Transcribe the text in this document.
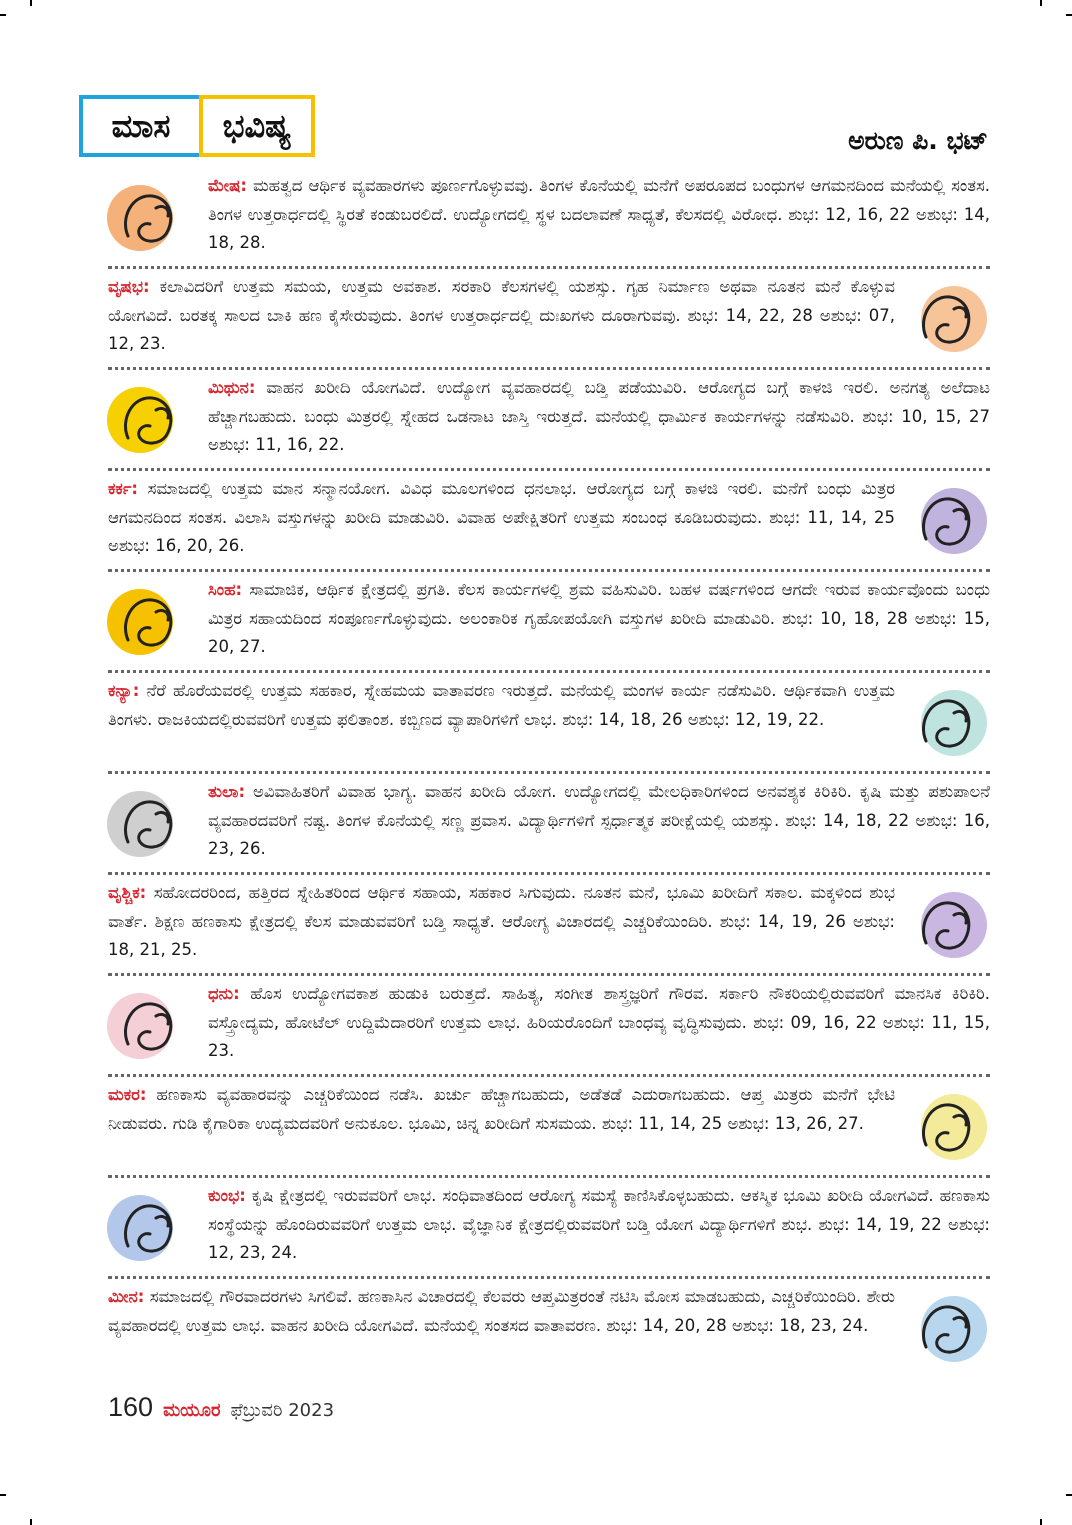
ಮಾಸ	ಭವಿಷ್ಯ	ಅರುಣ ಪಿ. ಭಟ್
ಮೇಷ: ಮಹತ್ವದ ಆರ್ಥಿಕ ವ್ಯವಹಾರಗಳು ಪೂರ್ಣಗೊಳ್ಳುವವು. ತಿಂಗಳ ಕೊನೆಯಲ್ಲಿ ಮನೆಗೆ ಅಪರೂಪದ ಬಂಧುಗಳ ಆಗಮನದಿಂದ ಮನೆಯಲ್ಲಿ ಸಂತಸ. ತಿಂಗಳ ಉತ್ತರಾರ್ಧದಲ್ಲಿ ಸ್ಥಿರತೆ ಕಂಡುಬರಲಿದೆ. ಉದ್ಯೋಗದಲ್ಲಿ ಸ್ಥಳ ಬದಲಾವಣೆ ಸಾಧ್ಯತೆ, ಕೆಲಸದಲ್ಲಿ ವಿರೋಧ. ಶುಭ: 12, 16, 22 ಅಶುಭ: 14, 18, 28.
ವೃಷಭ: ಕಲಾವಿದರಿಗೆ ಉತ್ತಮ ಸಮಯ, ಉತ್ತಮ ಅವಕಾಶ. ಸರಕಾರಿ ಕೆಲಸಗಳಲ್ಲಿ ಯಶಸ್ಸು. ಗೃಹ ನಿರ್ಮಾಣ ಅಥವಾ ನೂತನ ಮನೆ ಕೊಳ್ಳುವ ಯೋಗವಿದೆ. ಬರತಕ್ಕ ಸಾಲದ ಬಾಕಿ ಹಣ ಕೈಸೇರುವುದು. ತಿಂಗಳ ಉತ್ತರಾರ್ಧದಲ್ಲಿ ದುಃಖಗಳು ದೂರಾಗುವವು. ಶುಭ: 14, 22, 28 ಅಶುಭ: 07, 12, 23.
ಮಿಥುನ: ವಾಹನ ಖರೀದಿ ಯೋಗವಿದೆ. ಉದ್ಯೋಗ ವ್ಯವಹಾರದಲ್ಲಿ ಬಡ್ತಿ ಪಡೆಯುವಿರಿ. ಆರೋಗ್ಯದ ಬಗ್ಗೆ ಕಾಳಜಿ ಇರಲಿ. ಅನಗತ್ಯ ಅಲೆದಾಟ ಹೆಚ್ಚಾಗಬಹುದು. ಬಂಧು ಮಿತ್ರರಲ್ಲಿ ಸ್ನೇಹದ ಒಡನಾಟ ಜಾಸ್ತಿ ಇರುತ್ತದೆ. ಮನೆಯಲ್ಲಿ ಧಾರ್ಮಿಕ ಕಾರ್ಯಗಳನ್ನು ನಡೆಸುವಿರಿ. ಶುಭ: 10, 15, 27 ಅಶುಭ: 11, 16, 22.
ಕರ್ಕ: ಸಮಾಜದಲ್ಲಿ ಉತ್ತಮ ಮಾನ ಸನ್ಮಾನಯೋಗ. ವಿವಿಧ ಮೂಲಗಳಿಂದ ಧನಲಾಭ. ಆರೋಗ್ಯದ ಬಗ್ಗೆ ಕಾಳಜಿ ಇರಲಿ. ಮನೆಗೆ ಬಂಧು ಮಿತ್ರರ ಆಗಮನದಿಂದ ಸಂತಸ. ವಿಲಾಸಿ ವಸ್ತುಗಳನ್ನು ಖರೀದಿ ಮಾಡುವಿರಿ. ವಿವಾಹ ಅಪೇಕ್ಷಿತರಿಗೆ ಉತ್ತಮ ಸಂಬಂಧ ಕೂಡಿಬರುವುದು. ಶುಭ: 11, 14, 25 ಅಶುಭ: 16, 20, 26.
ಸಿಂಹ: ಸಾಮಾಜಿಕ, ಆರ್ಥಿಕ ಕ್ಷೇತ್ರದಲ್ಲಿ ಪ್ರಗತಿ. ಕೆಲಸ ಕಾರ್ಯಗಳಲ್ಲಿ ಶ್ರಮ ವಹಿಸುವಿರಿ. ಬಹಳ ವರ್ಷಗಳಿಂದ ಆಗದೇ ಇರುವ ಕಾರ್ಯವೊಂದು ಬಂಧು ಮಿತ್ರರ ಸಹಾಯದಿಂದ ಸಂಪೂರ್ಣಗೊಳ್ಳುವುದು. ಅಲಂಕಾರಿಕ ಗೃಹೋಪಯೋಗಿ ವಸ್ತುಗಳ ಖರೀದಿ ಮಾಡುವಿರಿ. ಶುಭ: 10, 18, 28 ಅಶುಭ: 15, 20, 27.
ಕನ್ಯಾ: ನೆರೆ ಹೊರೆಯವರಲ್ಲಿ ಉತ್ತಮ ಸಹಕಾರ, ಸ್ನೇಹಮಯ ವಾತಾವರಣ ಇರುತ್ತದೆ. ಮನೆಯಲ್ಲಿ ಮಂಗಳ ಕಾರ್ಯ ನಡೆಸುವಿರಿ. ಆರ್ಥಿಕವಾಗಿ ಉತ್ತಮ ತಿಂಗಳು. ರಾಜಕಿಯದಲ್ಲಿರುವವರಿಗೆ ಉತ್ತಮ ಫಲಿತಾಂಶ. ಕಬ್ಬಿಣದ ವ್ಯಾಪಾರಿಗಳಿಗೆ ಲಾಭ. ಶುಭ: 14, 18, 26 ಅಶುಭ: 12, 19, 22.
ತುಲಾ: ಅವಿವಾಹಿತರಿಗೆ ವಿವಾಹ ಭಾಗ್ಯ. ವಾಹನ ಖರೀದಿ ಯೋಗ. ಉದ್ಯೋಗದಲ್ಲಿ ಮೇಲಧಿಕಾರಿಗಳಿಂದ ಅನವಶ್ಯಕ ಕಿರಿಕಿರಿ. ಕೃಷಿ ಮತ್ತು ಪಶುಪಾಲನೆ ವ್ಯವಹಾರದವರಿಗೆ ನಷ್ಟ. ತಿಂಗಳ ಕೊನೆಯಲ್ಲಿ ಸಣ್ಣ ಪ್ರವಾಸ. ವಿದ್ಯಾರ್ಥಿಗಳಿಗೆ ಸ್ಪರ್ಧಾತ್ಮಕ ಪರೀಕ್ಷೆಯಲ್ಲಿ ಯಶಸ್ಸು. ಶುಭ: 14, 18, 22 ಅಶುಭ: 16, 23, 26.
ವೃಶ್ಚಿಕ: ಸಹೋದರರಿಂದ, ಹತ್ತಿರದ ಸ್ನೇಹಿತರಿಂದ ಆರ್ಥಿಕ ಸಹಾಯ, ಸಹಕಾರ ಸಿಗುವುದು. ನೂತನ ಮನೆ, ಭೂಮಿ ಖರೀದಿಗೆ ಸಕಾಲ. ಮಕ್ಕಳಿಂದ ಶುಭ ವಾರ್ತೆ. ಶಿಕ್ಷಣ ಹಣಕಾಸು ಕ್ಷೇತ್ರದಲ್ಲಿ ಕೆಲಸ ಮಾಡುವವರಿಗೆ ಬಡ್ತಿ ಸಾಧ್ಯತೆ. ಆರೋಗ್ಯ ವಿಚಾರದಲ್ಲಿ ಎಚ್ಚರಿಕೆಯಿಂದಿರಿ. ಶುಭ: 14, 19, 26 ಅಶುಭ: 18, 21, 25.
ಧನು: ಹೊಸ ಉದ್ಯೋಗವಕಾಶ ಹುಡುಕಿ ಬರುತ್ತದೆ. ಸಾಹಿತ್ಯ, ಸಂಗೀತ ಶಾಸ್ತ್ರಜ್ಞರಿಗೆ ಗೌರವ. ಸರ್ಕಾರಿ ನೌಕರಿಯಲ್ಲಿರುವವರಿಗೆ ಮಾನಸಿಕ ಕಿರಿಕಿರಿ. ವಸ್ತ್ರೋದ್ಯಮ, ಹೋಟೆಲ್ ಉದ್ದಿಮೆದಾರರಿಗೆ ಉತ್ತಮ ಲಾಭ. ಹಿರಿಯರೊಂದಿಗೆ ಬಾಂಧವ್ಯ ವೃದ್ಧಿಸುವುದು. ಶುಭ: 09, 16, 22 ಅಶುಭ: 11, 15, 23.
ಮಕರ: ಹಣಕಾಸು ವ್ಯವಹಾರವನ್ನು ಎಚ್ಚರಿಕೆಯಿಂದ ನಡೆಸಿ. ಖರ್ಚು ಹೆಚ್ಚಾಗಬಹುದು, ಅಡೆತಡೆ ಎದುರಾಗಬಹುದು. ಆಪ್ತ ಮಿತ್ರರು ಮನೆಗೆ ಭೇಟಿ ನೀಡುವರು. ಗುಡಿ ಕೈಗಾರಿಕಾ ಉದ್ಯಮದವರಿಗೆ ಅನುಕೂಲ. ಭೂಮಿ, ಚಿನ್ನ ಖರೀದಿಗೆ ಸುಸಮಯ. ಶುಭ: 11, 14, 25 ಅಶುಭ: 13, 26, 27.
ಕುಂಭ: ಕೃಷಿ ಕ್ಷೇತ್ರದಲ್ಲಿ ಇರುವವರಿಗೆ ಲಾಭ. ಸಂಧಿವಾತದಿಂದ ಆರೋಗ್ಯ ಸಮಸ್ಯೆ ಕಾಣಿಸಿಕೊಳ್ಳಬಹುದು. ಆಕಸ್ಮಿಕ ಭೂಮಿ ಖರೀದಿ ಯೋಗವಿದೆ. ಹಣಕಾಸು ಸಂಸ್ಥೆಯನ್ನು ಹೊಂದಿರುವವರಿಗೆ ಉತ್ತಮ ಲಾಭ. ವೈಜ್ಞಾನಿಕ ಕ್ಷೇತ್ರದಲ್ಲಿರುವವರಿಗೆ ಬಡ್ತಿ ಯೋಗ ವಿದ್ಯಾರ್ಥಿಗಳಿಗೆ ಶುಭ. ಶುಭ: 14, 19, 22 ಅಶುಭ: 12, 23, 24.
ಮೀನ: ಸಮಾಜದಲ್ಲಿ ಗೌರವಾದರಗಳು ಸಿಗಲಿವೆ. ಹಣಕಾಸಿನ ವಿಚಾರದಲ್ಲಿ ಕೆಲವರು ಆಪ್ತಮಿತ್ರರಂತೆ ನಟಿಸಿ ಮೋಸ ಮಾಡಬಹುದು, ಎಚ್ಚರಿಕೆಯಿಂದಿರಿ. ಶೇರು ವ್ಯವಹಾರದಲ್ಲಿ ಉತ್ತಮ ಲಾಭ. ವಾಹನ ಖರೀದಿ ಯೋಗವಿದೆ. ಮನೆಯಲ್ಲಿ ಸಂತಸದ ವಾತಾವರಣ. ಶುಭ: 14, 20, 28 ಅಶುಭ: 18, 23, 24.
160 ಮಯೂರ ಫೆಬ್ರುವರಿ 2023
